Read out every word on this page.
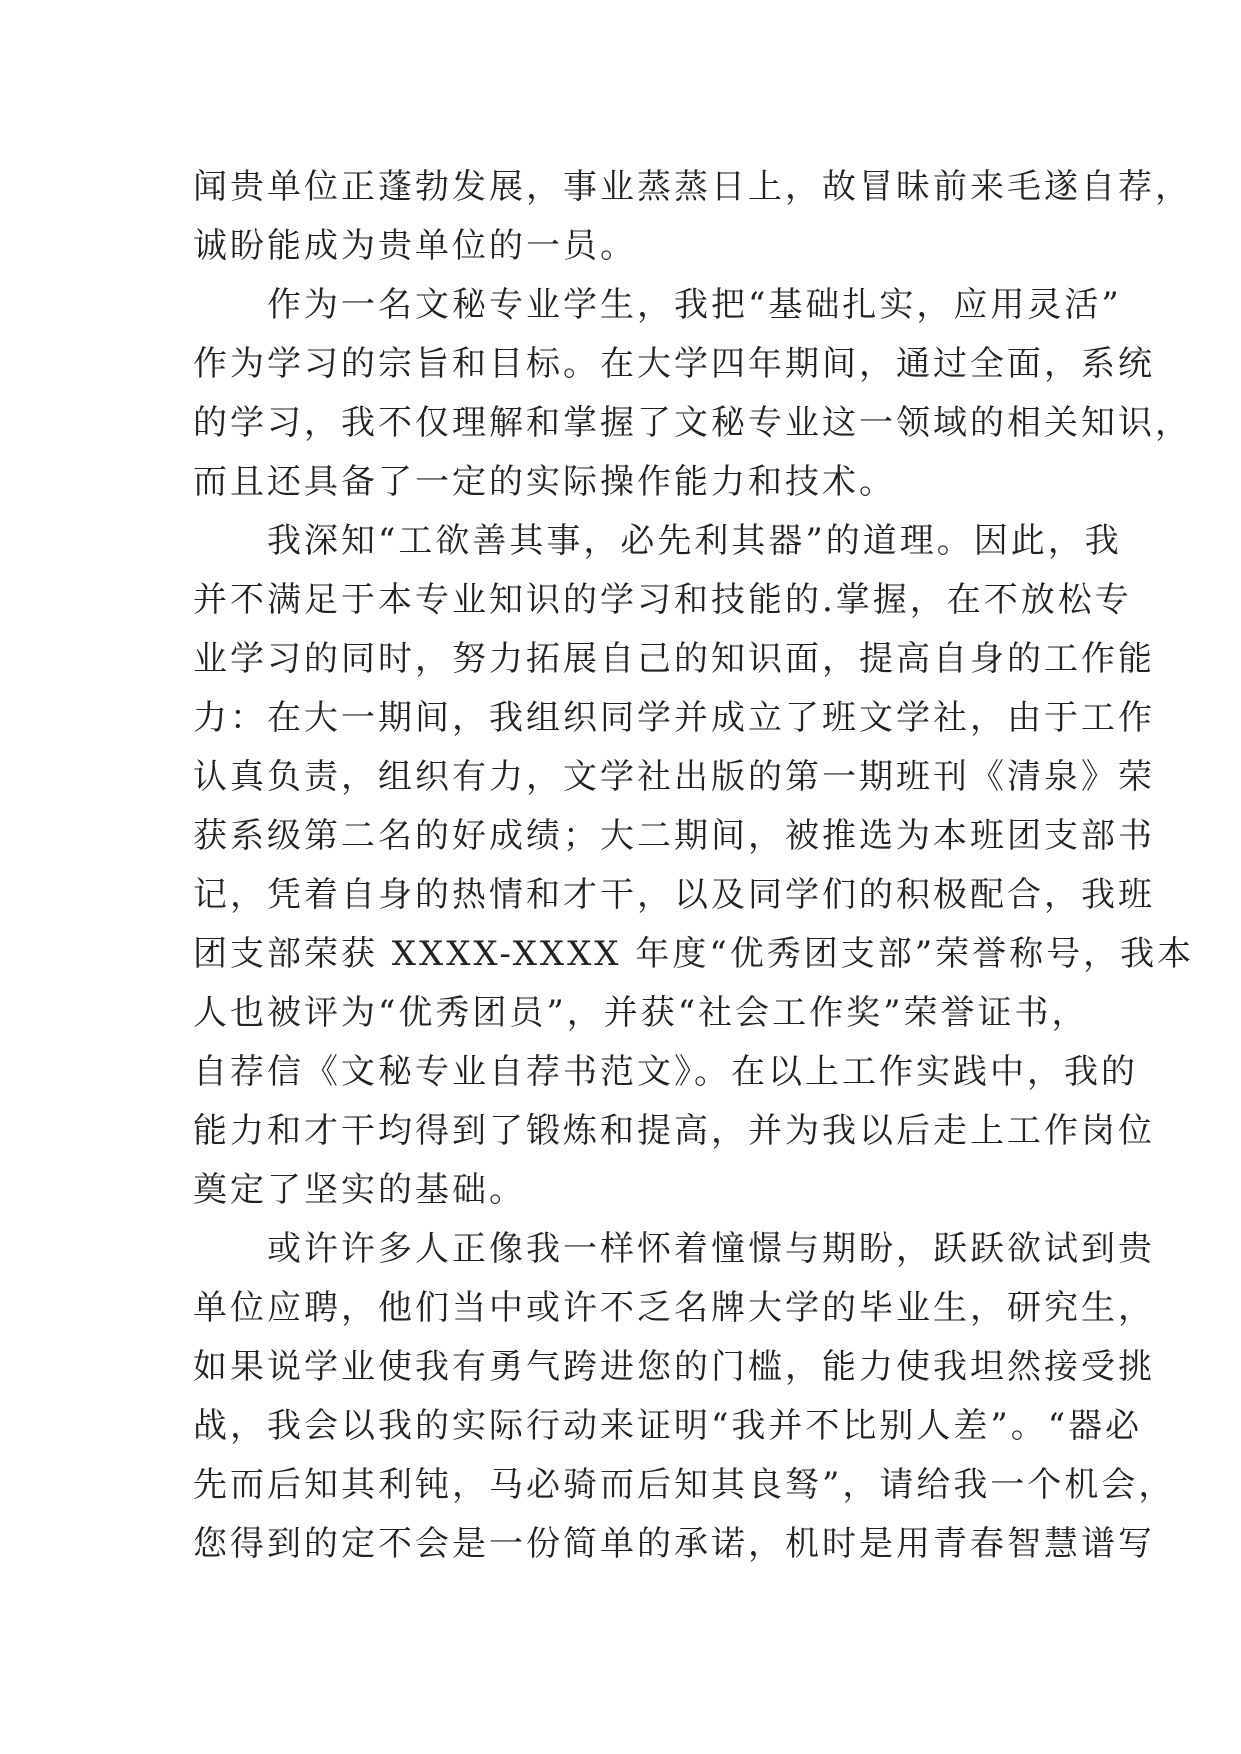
闻贵单位正蓬勃发展，事业蒸蒸日上，故冒昧前来毛遂自荐，
诚盼能成为贵单位的一员。
　　作为一名文秘专业学生，我把“基础扎实，应用灵活”
作为学习的宗旨和目标。在大学四年期间，通过全面，系统
的学习，我不仅理解和掌握了文秘专业这一领域的相关知识，
而且还具备了一定的实际操作能力和技术。
　　我深知“工欲善其事，必先利其器”的道理。因此，我
并不满足于本专业知识的学习和技能的.掌握，在不放松专
业学习的同时，努力拓展自己的知识面，提高自身的工作能
力：在大一期间，我组织同学并成立了班文学社，由于工作
认真负责，组织有力，文学社出版的第一期班刊《清泉》荣
获系级第二名的好成绩；大二期间，被推选为本班团支部书
记，凭着自身的热情和才干，以及同学们的积极配合，我班
团支部荣获 XXXX-XXXX 年度“优秀团支部”荣誉称号，我本
人也被评为“优秀团员”，并获“社会工作奖”荣誉证书，
自荐信《文秘专业自荐书范文》。在以上工作实践中，我的
能力和才干均得到了锻炼和提高，并为我以后走上工作岗位
奠定了坚实的基础。
　　或许许多人正像我一样怀着憧憬与期盼，跃跃欲试到贵
单位应聘，他们当中或许不乏名牌大学的毕业生，研究生，
如果说学业使我有勇气跨进您的门槛，能力使我坦然接受挑
战，我会以我的实际行动来证明“我并不比别人差”。“器必
先而后知其利钝，马必骑而后知其良驽”，请给我一个机会，
您得到的定不会是一份简单的承诺，机时是用青春智慧谱写
